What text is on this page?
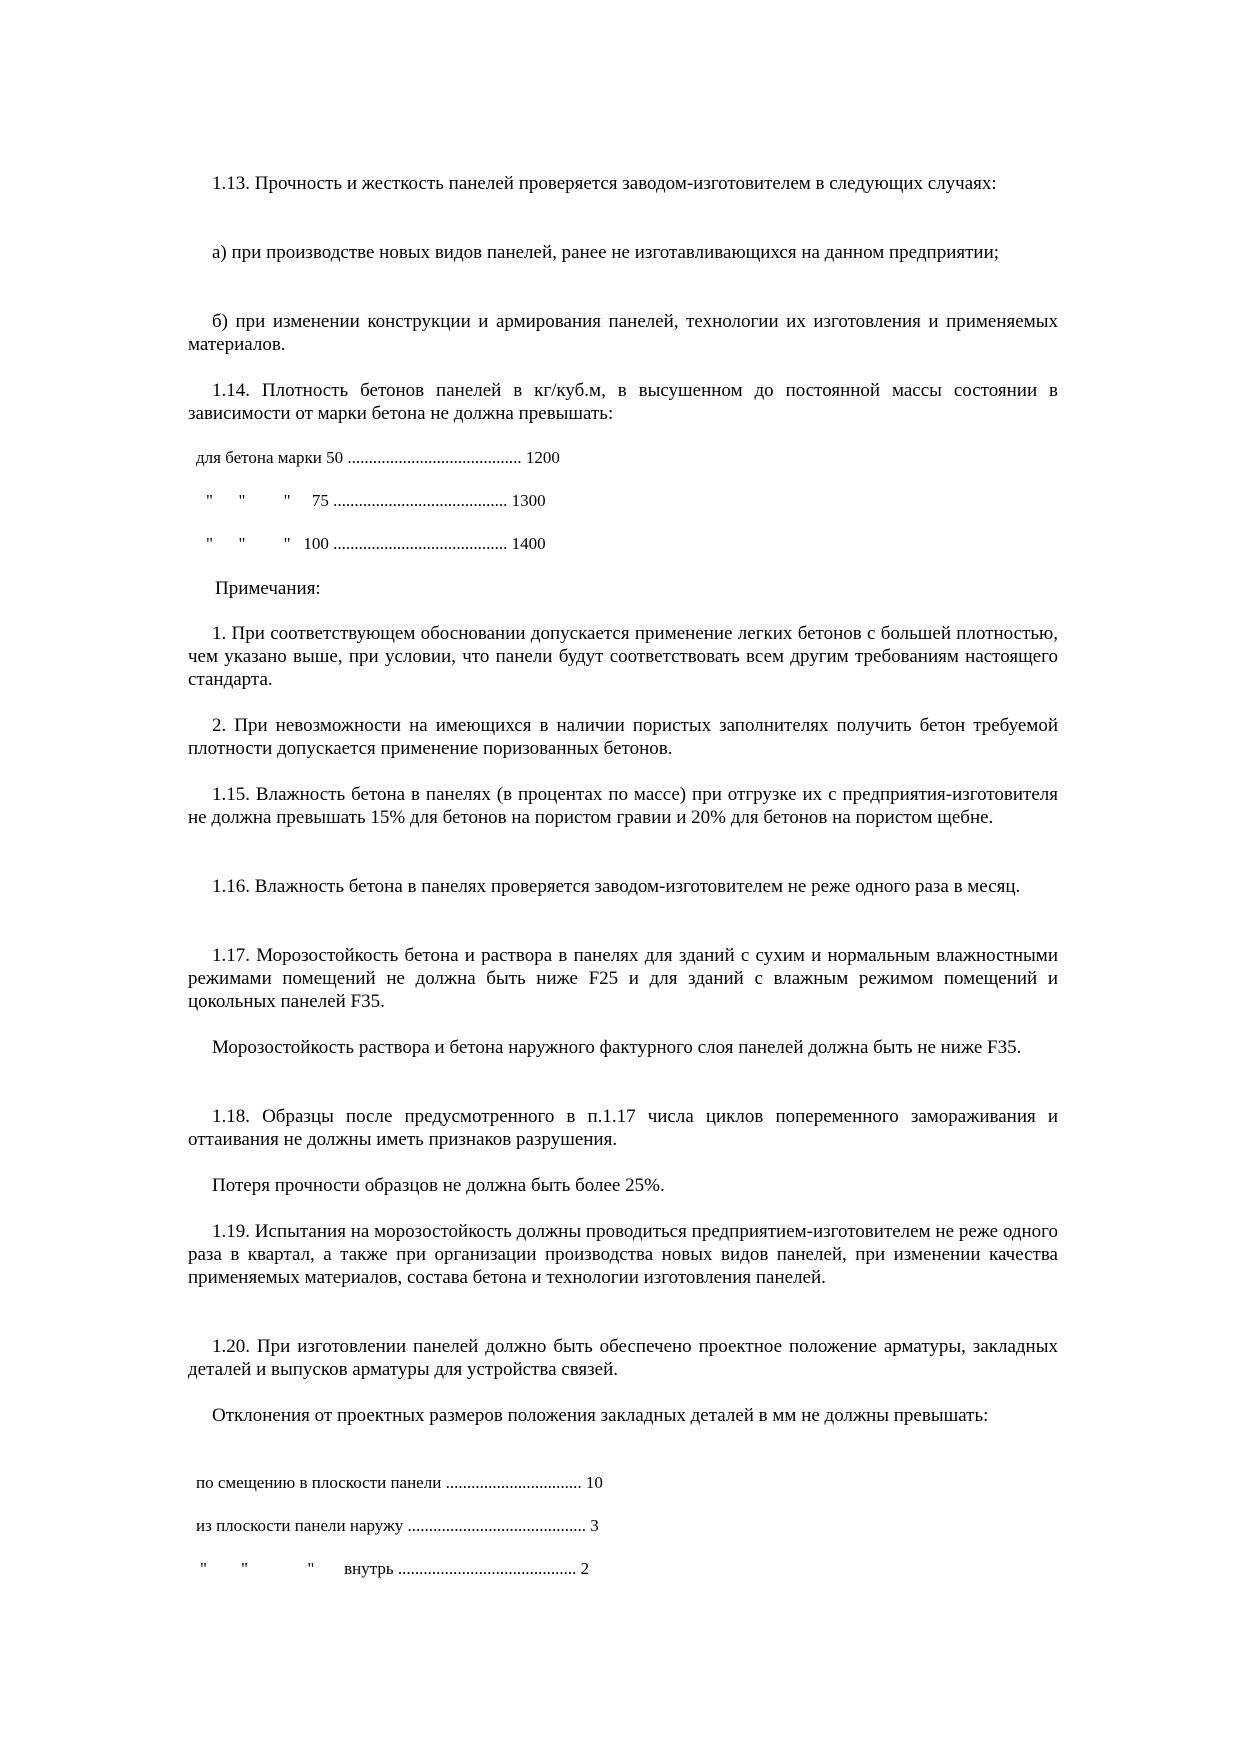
1.13. Прочность и жесткость панелей проверяется заводом-изготовителем в следующих случаях:

а) при производстве новых видов панелей, ранее не изготавливающихся на данном предприятии;

б) при изменении конструкции и армирования панелей, технологии их изготовления и применяемых материалов.

1.14. Плотность бетонов панелей в кг/куб.м, в высушенном до постоянной массы состоянии в зависимости от марки бетона не должна превышать:

для бетона марки 50 ......................................... 1200

"      "         "     75 ......................................... 1300

"      "         "   100 ......................................... 1400

Примечания:

1. При соответствующем обосновании допускается применение легких бетонов с большей плотностью, чем указано выше, при условии, что панели будут соответствовать всем другим требованиям настоящего стандарта.

2. При невозможности на имеющихся в наличии пористых заполнителях получить бетон требуемой плотности допускается применение поризованных бетонов.

1.15. Влажность бетона в панелях (в процентах по массе) при отгрузке их с предприятия-изготовителя не должна превышать 15% для бетонов на пористом гравии и 20% для бетонов на пористом щебне.

1.16. Влажность бетона в панелях проверяется заводом-изготовителем не реже одного раза в месяц.

1.17. Морозостойкость бетона и раствора в панелях для зданий с сухим и нормальным влажностными режимами помещений не должна быть ниже F25 и для зданий с влажным режимом помещений и цокольных панелей F35.

Морозостойкость раствора и бетона наружного фактурного слоя панелей должна быть не ниже F35.

1.18. Образцы после предусмотренного в п.1.17 числа циклов попеременного замораживания и оттаивания не должны иметь признаков разрушения.

Потеря прочности образцов не должна быть более 25%.

1.19. Испытания на морозостойкость должны проводиться предприятием-изготовителем не реже одного раза в квартал, а также при организации производства новых видов панелей, при изменении качества применяемых материалов, состава бетона и технологии изготовления панелей.

1.20. При изготовлении панелей должно быть обеспечено проектное положение арматуры, закладных деталей и выпусков арматуры для устройства связей.

Отклонения от проектных размеров положения закладных деталей в мм не должны превышать:

по смещению в плоскости панели ................................ 10

из плоскости панели наружу .......................................... 3

"        "              "       внутрь .......................................... 2
